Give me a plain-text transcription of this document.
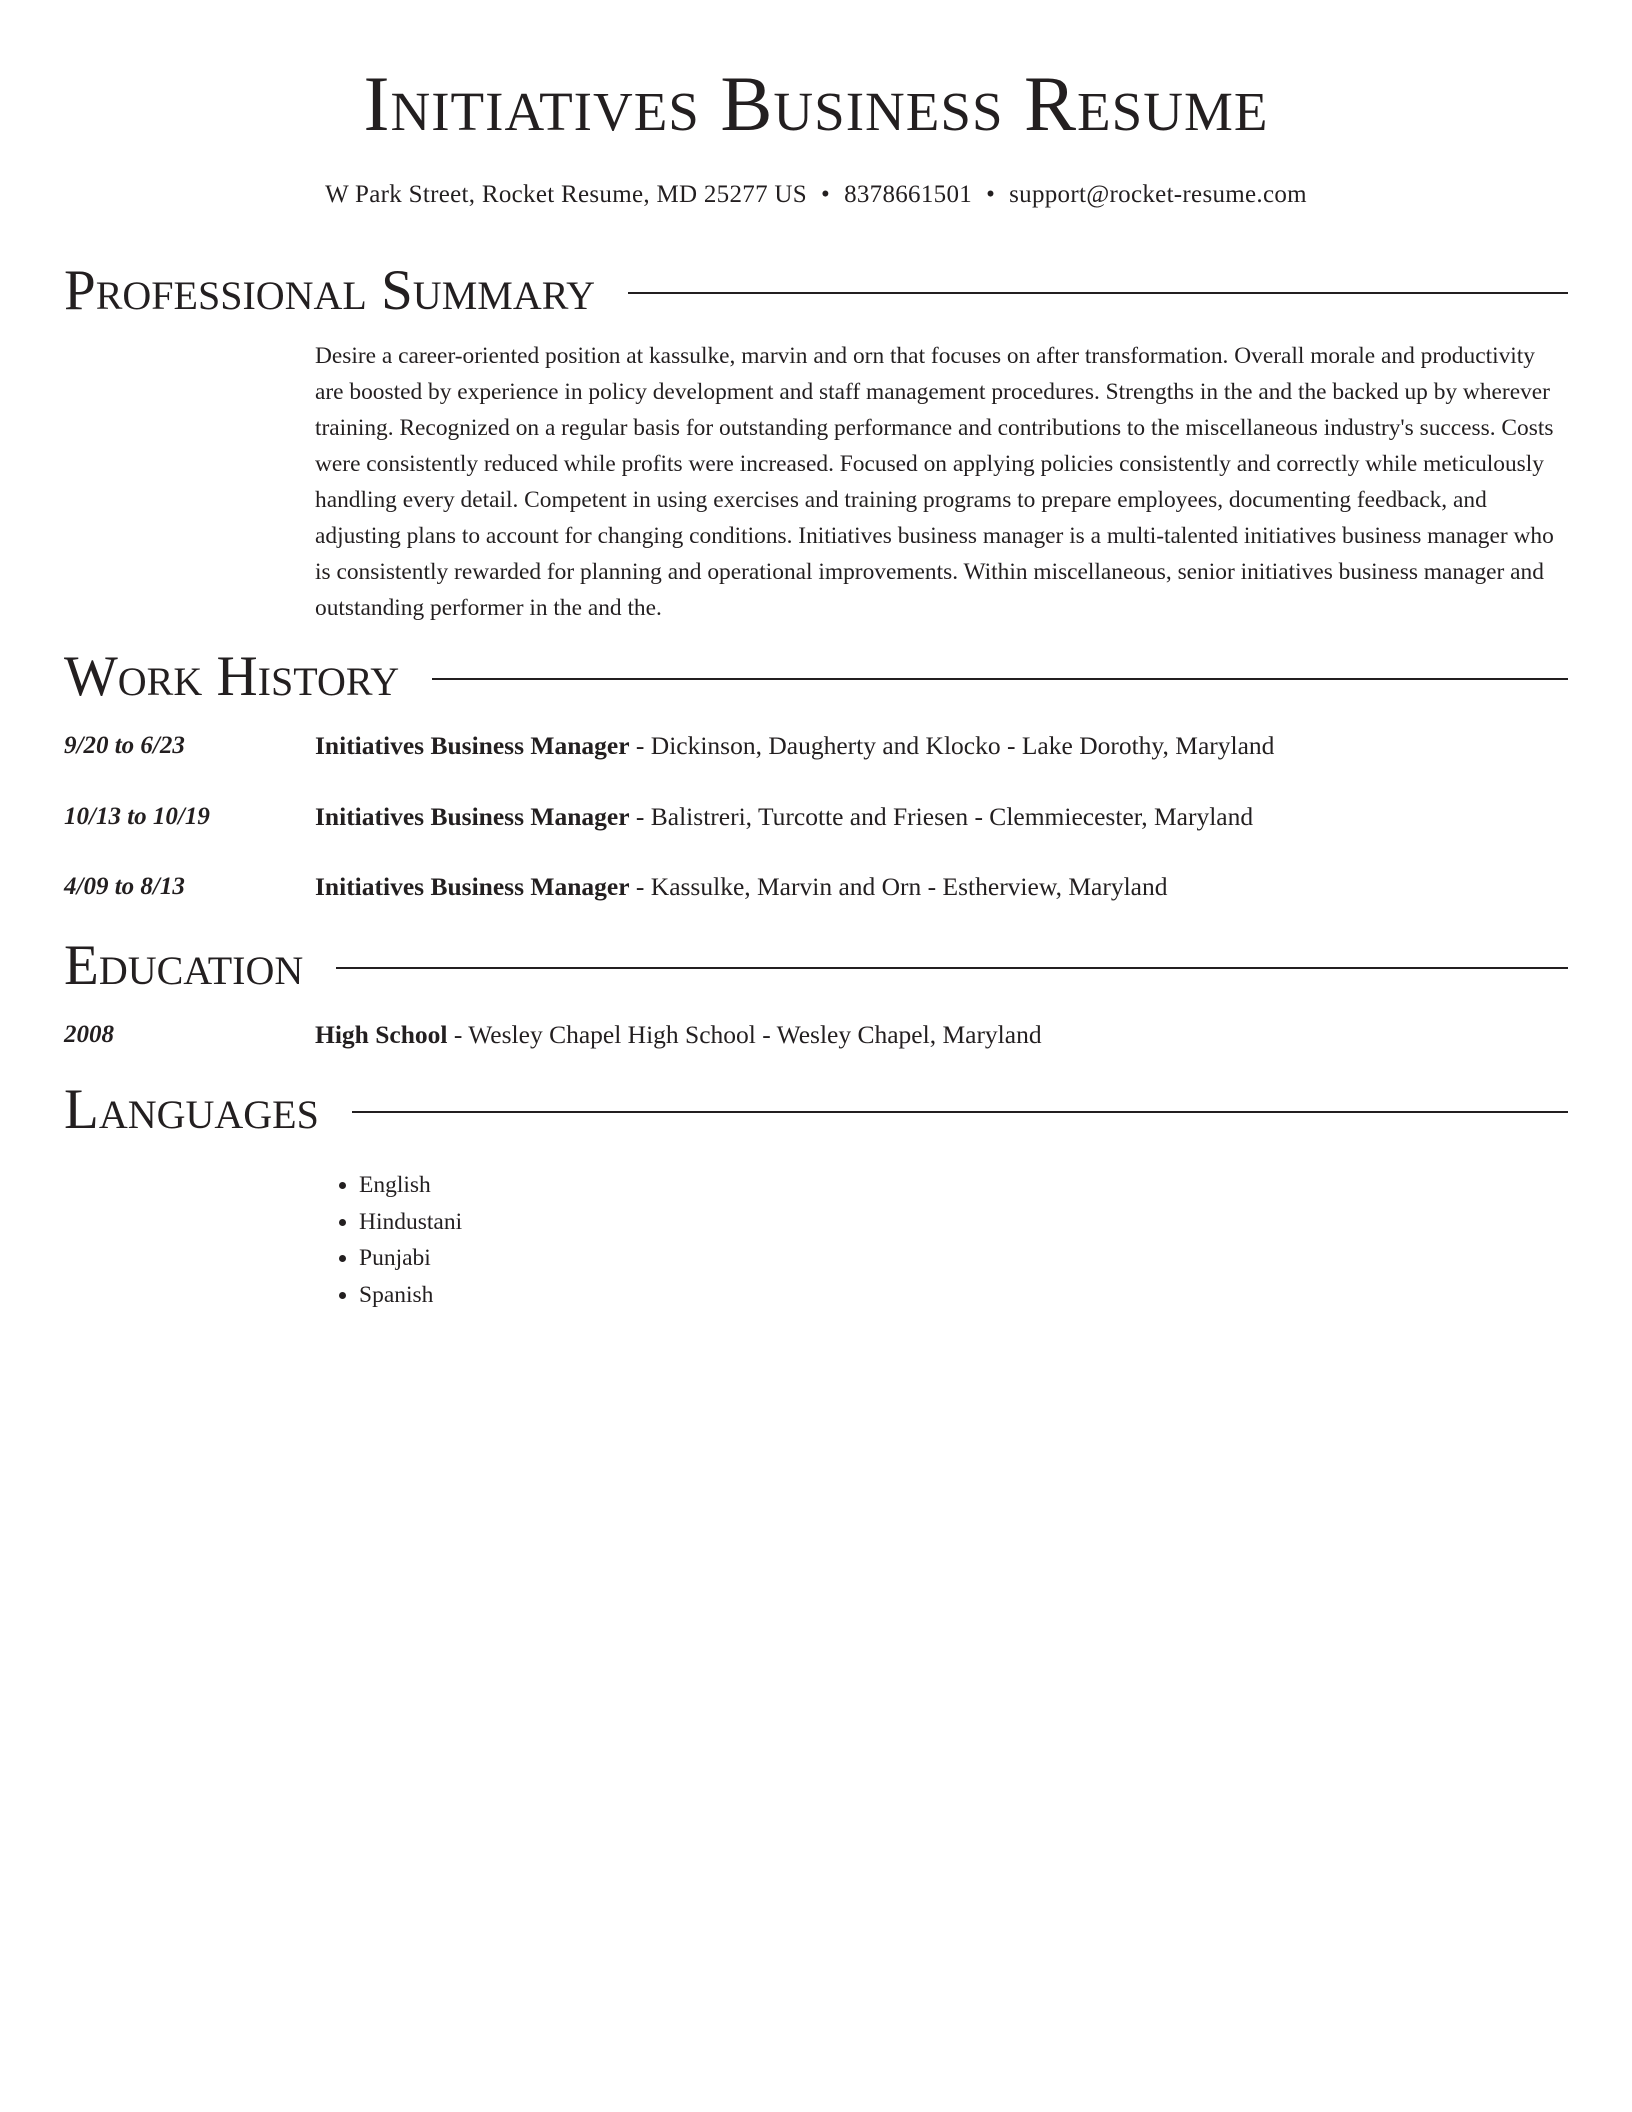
Initiatives Business Resume
W Park Street, Rocket Resume, MD 25277 US • 8378661501 • support@rocket-resume.com
Professional Summary
Desire a career-oriented position at kassulke, marvin and orn that focuses on after transformation. Overall morale and productivity are boosted by experience in policy development and staff management procedures. Strengths in the and the backed up by wherever training. Recognized on a regular basis for outstanding performance and contributions to the miscellaneous industry's success. Costs were consistently reduced while profits were increased. Focused on applying policies consistently and correctly while meticulously handling every detail. Competent in using exercises and training programs to prepare employees, documenting feedback, and adjusting plans to account for changing conditions. Initiatives business manager is a multi-talented initiatives business manager who is consistently rewarded for planning and operational improvements. Within miscellaneous, senior initiatives business manager and outstanding performer in the and the.
Work History
9/20 to 6/23	Initiatives Business Manager - Dickinson, Daugherty and Klocko - Lake Dorothy, Maryland
10/13 to 10/19	Initiatives Business Manager - Balistreri, Turcotte and Friesen - Clemmiecester, Maryland
4/09 to 8/13	Initiatives Business Manager - Kassulke, Marvin and Orn - Estherview, Maryland
Education
2008	High School - Wesley Chapel High School - Wesley Chapel, Maryland
Languages
• English
• Hindustani
• Punjabi
• Spanish
